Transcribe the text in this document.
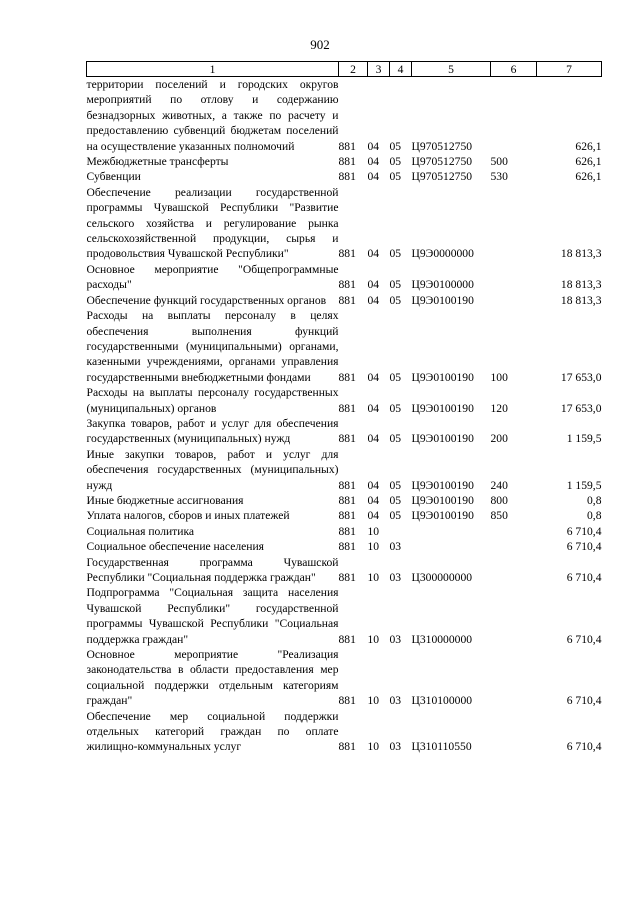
902
1	2	3	4	5	6	7
территории поселений и городских округов мероприятий по отлову и содержанию безнадзорных животных, а также по расчету и предоставлению субвенций бюджетам поселений на осуществление указанных полномочий	881	04	05	Ц970512750		626,1
Межбюджетные трансферты	881	04	05	Ц970512750	500	626,1
Субвенции	881	04	05	Ц970512750	530	626,1
Обеспечение реализации государственной программы Чувашской Республики "Развитие сельского хозяйства и регулирование рынка сельскохозяйственной продукции, сырья и продовольствия Чувашской Республики"	881	04	05	Ц9Э0000000		18 813,3
Основное мероприятие "Общепрограммные расходы"	881	04	05	Ц9Э0100000		18 813,3
Обеспечение функций государственных органов	881	04	05	Ц9Э0100190		18 813,3
Расходы на выплаты персоналу в целях обеспечения выполнения функций государственными (муниципальными) органами, казенными учреждениями, органами управления государственными внебюджетными фондами	881	04	05	Ц9Э0100190	100	17 653,0
Расходы на выплаты персоналу государственных (муниципальных) органов	881	04	05	Ц9Э0100190	120	17 653,0
Закупка товаров, работ и услуг для обеспечения государственных (муниципальных) нужд	881	04	05	Ц9Э0100190	200	1 159,5
Иные закупки товаров, работ и услуг для обеспечения государственных (муниципальных) нужд	881	04	05	Ц9Э0100190	240	1 159,5
Иные бюджетные ассигнования	881	04	05	Ц9Э0100190	800	0,8
Уплата налогов, сборов и иных платежей	881	04	05	Ц9Э0100190	850	0,8
Социальная политика	881	10				6 710,4
Социальное обеспечение населения	881	10	03			6 710,4
Государственная программа Чувашской Республики "Социальная поддержка граждан"	881	10	03	Ц300000000		6 710,4
Подпрограмма "Социальная защита населения Чувашской Республики" государственной программы Чувашской Республики "Социальная поддержка граждан"	881	10	03	Ц310000000		6 710,4
Основное мероприятие "Реализация законодательства в области предоставления мер социальной поддержки отдельным категориям граждан"	881	10	03	Ц310100000		6 710,4
Обеспечение мер социальной поддержки отдельных категорий граждан по оплате жилищно-коммунальных услуг	881	10	03	Ц310110550		6 710,4
